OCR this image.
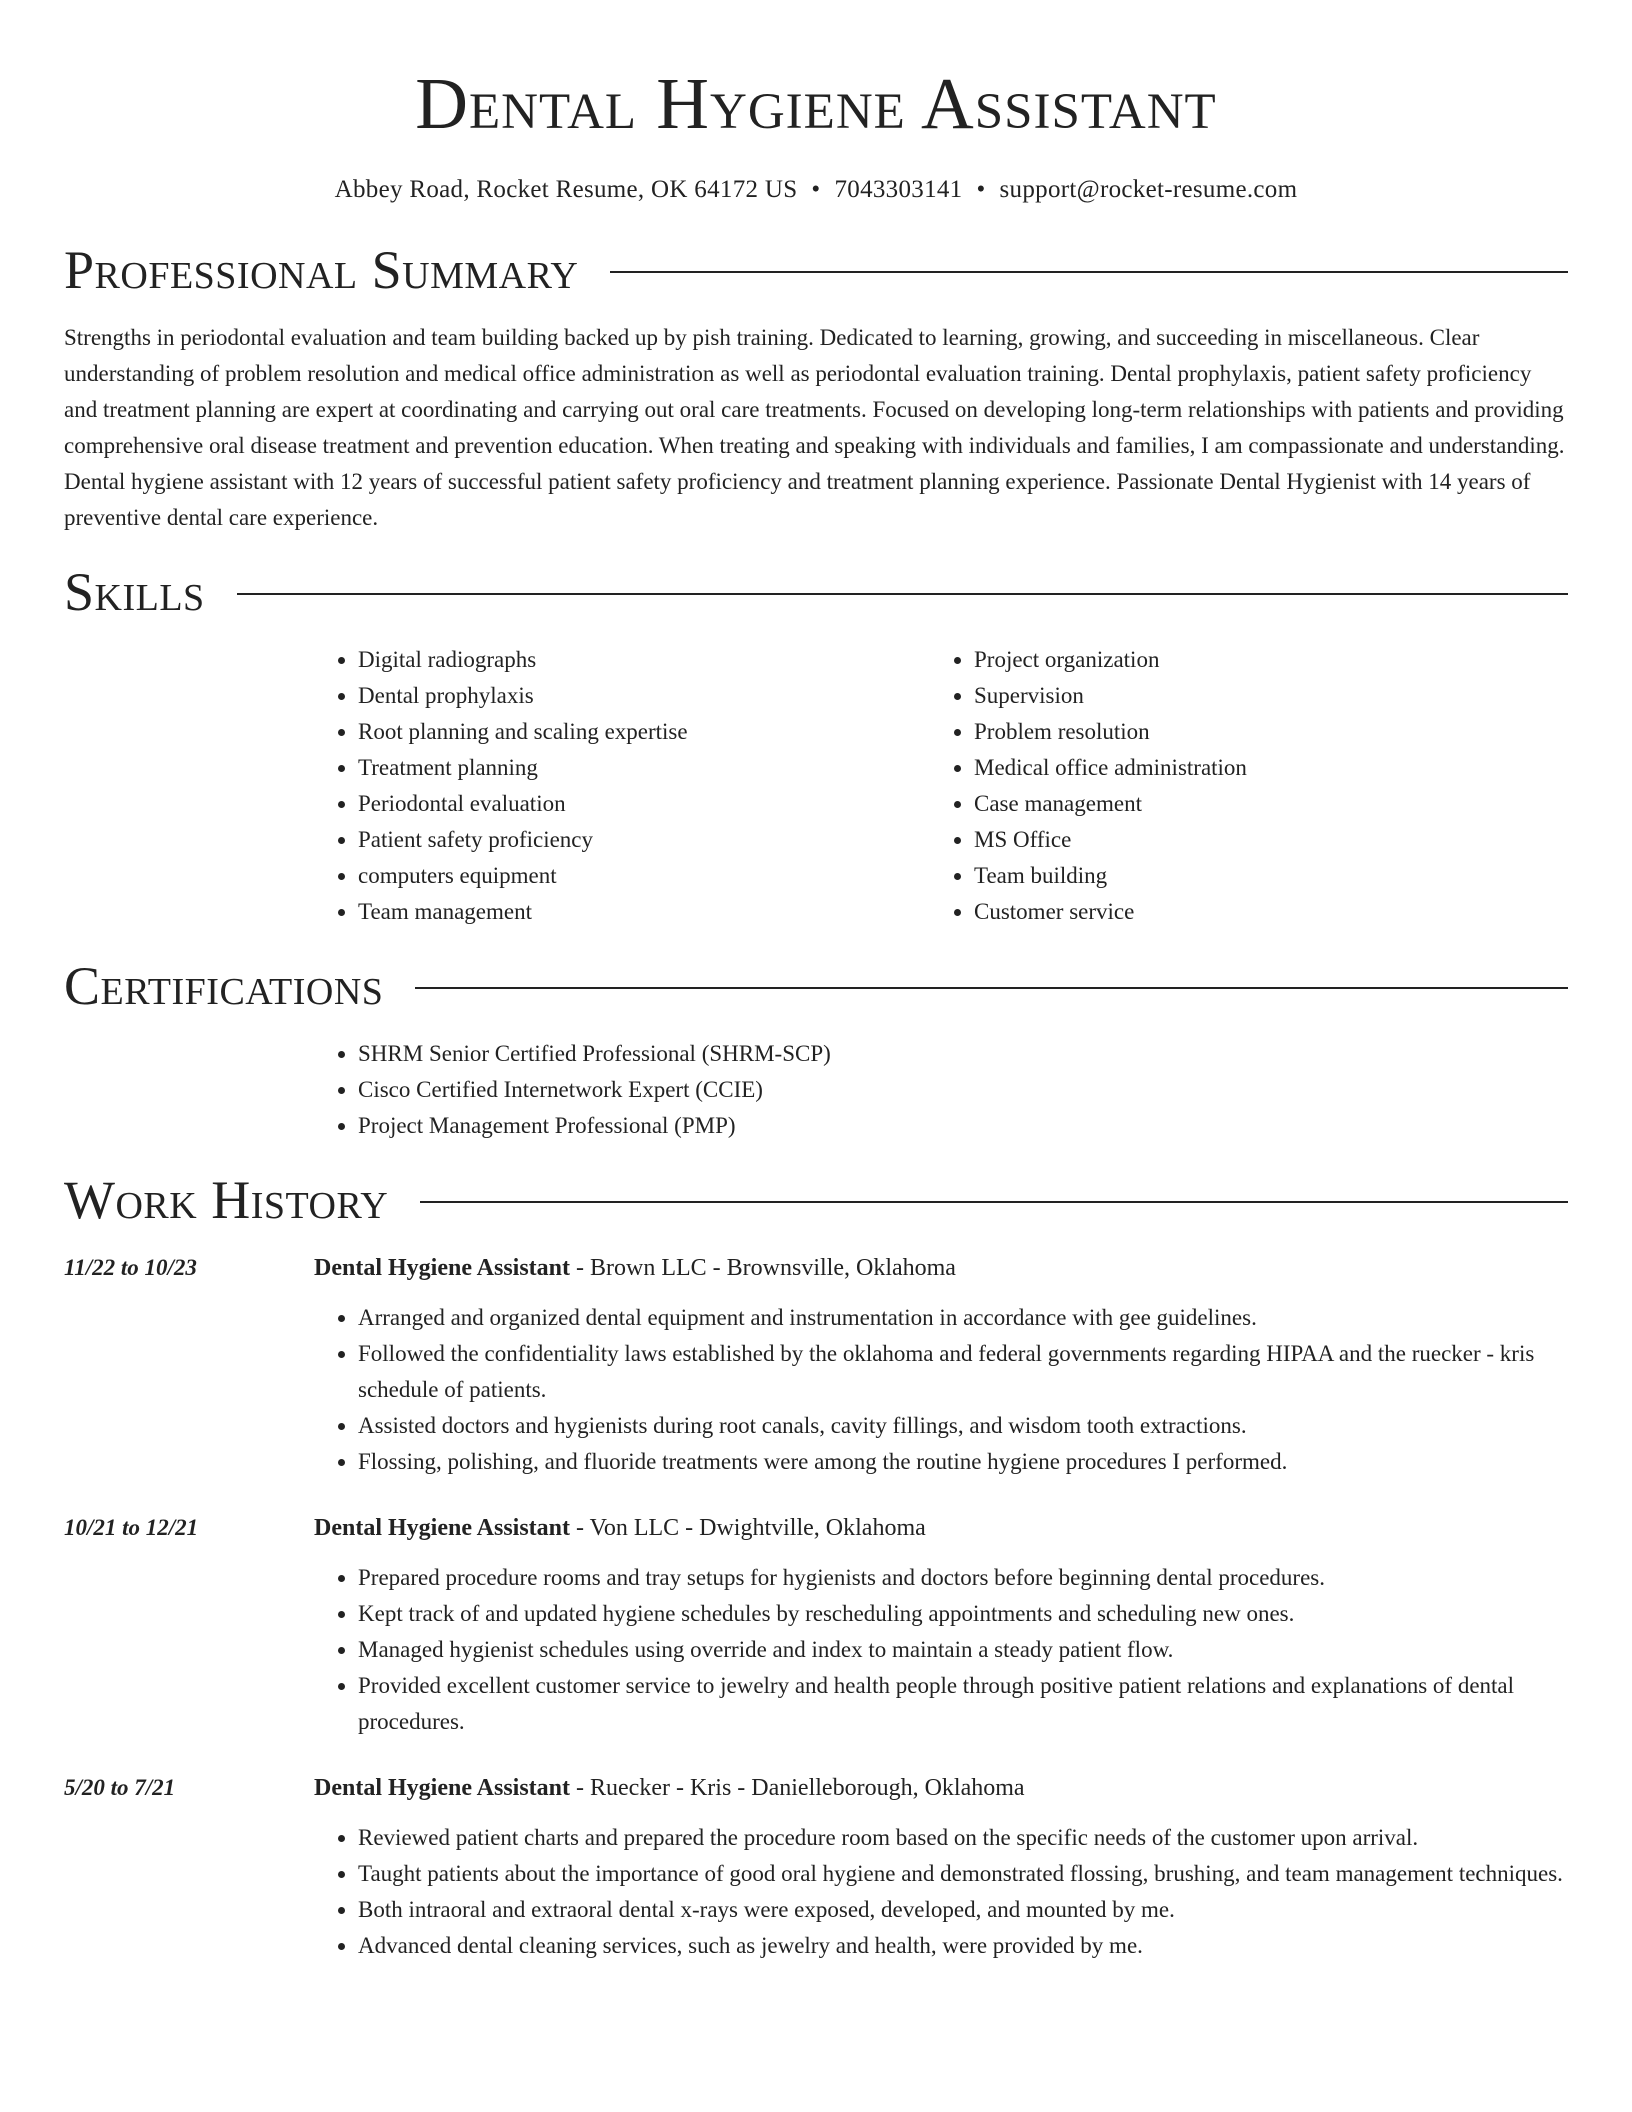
Dental Hygiene Assistant
Abbey Road, Rocket Resume, OK 64172 US • 7043303141 • support@rocket-resume.com
Professional Summary

Strengths in periodontal evaluation and team building backed up by pish training. Dedicated to learning, growing, and succeeding in miscellaneous. Clear understanding of problem resolution and medical office administration as well as periodontal evaluation training. Dental prophylaxis, patient safety proficiency and treatment planning are expert at coordinating and carrying out oral care treatments. Focused on developing long-term relationships with patients and providing comprehensive oral disease treatment and prevention education. When treating and speaking with individuals and families, I am compassionate and understanding. Dental hygiene assistant with 12 years of successful patient safety proficiency and treatment planning experience. Passionate Dental Hygienist with 14 years of preventive dental care experience.

Skills
• Digital radiographs
• Dental prophylaxis
• Root planning and scaling expertise
• Treatment planning
• Periodontal evaluation
• Patient safety proficiency
• computers equipment
• Team management
• Project organization
• Supervision
• Problem resolution
• Medical office administration
• Case management
• MS Office
• Team building
• Customer service
Certifications
• SHRM Senior Certified Professional (SHRM-SCP)
• Cisco Certified Internetwork Expert (CCIE)
• Project Management Professional (PMP)
Work History
11/22 to 10/23	Dental Hygiene Assistant - Brown LLC - Brownsville, Oklahoma
• Arranged and organized dental equipment and instrumentation in accordance with gee guidelines.
• Followed the confidentiality laws established by the oklahoma and federal governments regarding HIPAA and the ruecker - kris schedule of patients.
• Assisted doctors and hygienists during root canals, cavity fillings, and wisdom tooth extractions.
• Flossing, polishing, and fluoride treatments were among the routine hygiene procedures I performed.
10/21 to 12/21	Dental Hygiene Assistant - Von LLC - Dwightville, Oklahoma
• Prepared procedure rooms and tray setups for hygienists and doctors before beginning dental procedures.
• Kept track of and updated hygiene schedules by rescheduling appointments and scheduling new ones.
• Managed hygienist schedules using override and index to maintain a steady patient flow.
• Provided excellent customer service to jewelry and health people through positive patient relations and explanations of dental procedures.
5/20 to 7/21	Dental Hygiene Assistant - Ruecker - Kris - Danielleborough, Oklahoma
• Reviewed patient charts and prepared the procedure room based on the specific needs of the customer upon arrival.
• Taught patients about the importance of good oral hygiene and demonstrated flossing, brushing, and team management techniques.
• Both intraoral and extraoral dental x-rays were exposed, developed, and mounted by me.
• Advanced dental cleaning services, such as jewelry and health, were provided by me.
